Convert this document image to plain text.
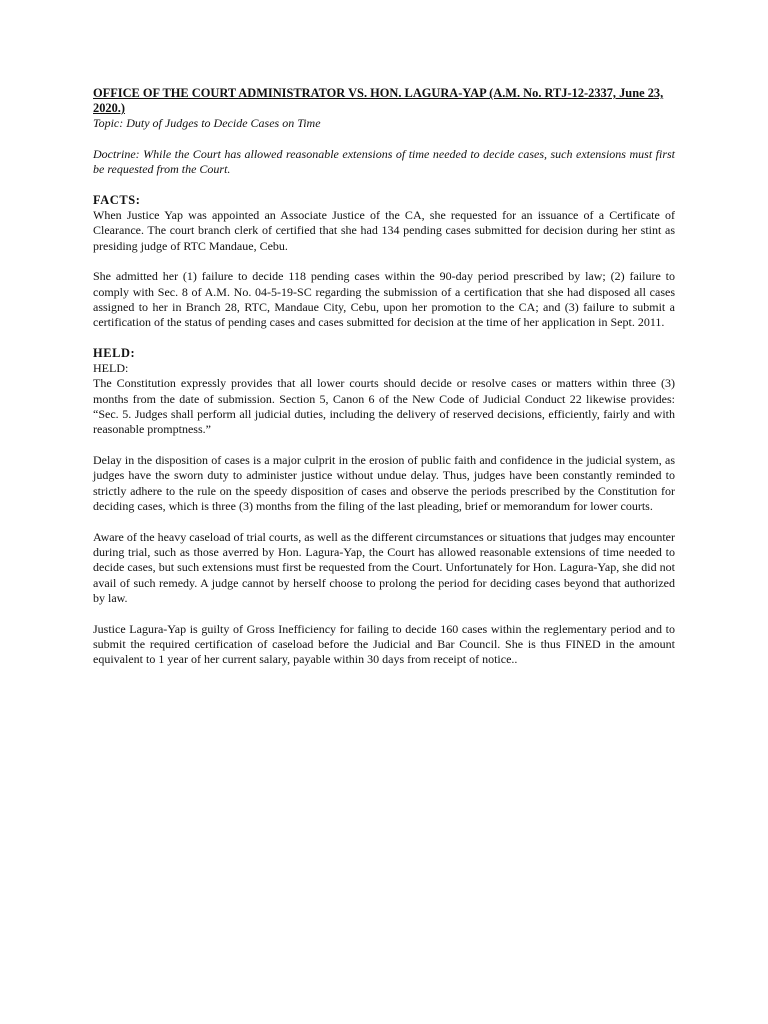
OFFICE OF THE COURT ADMINISTRATOR VS. HON. LAGURA-YAP (A.M. No. RTJ-12-2337, June 23, 2020.)

Topic: Duty of Judges to Decide Cases on Time

Doctrine: While the Court has allowed reasonable extensions of time needed to decide cases, such extensions must first be requested from the Court.

FACTS:

When Justice Yap was appointed an Associate Justice of the CA, she requested for an issuance of a Certificate of Clearance. The court branch clerk of certified that she had 134 pending cases submitted for decision during her stint as presiding judge of RTC Mandaue, Cebu.

She admitted her (1) failure to decide 118 pending cases within the 90-day period prescribed by law; (2) failure to comply with Sec. 8 of A.M. No. 04-5-19-SC regarding the submission of a certification that she had disposed all cases assigned to her in Branch 28, RTC, Mandaue City, Cebu, upon her promotion to the CA; and (3) failure to submit a certification of the status of pending cases and cases submitted for decision at the time of her application in Sept. 2011.

HELD:

HELD:

The Constitution expressly provides that all lower courts should decide or resolve cases or matters within three (3) months from the date of submission. Section 5, Canon 6 of the New Code of Judicial Conduct 22 likewise provides: “Sec. 5. Judges shall perform all judicial duties, including the delivery of reserved decisions, efficiently, fairly and with reasonable promptness.”

Delay in the disposition of cases is a major culprit in the erosion of public faith and confidence in the judicial system, as judges have the sworn duty to administer justice without undue delay. Thus, judges have been constantly reminded to strictly adhere to the rule on the speedy disposition of cases and observe the periods prescribed by the Constitution for deciding cases, which is three (3) months from the filing of the last pleading, brief or memorandum for lower courts.

Aware of the heavy caseload of trial courts, as well as the different circumstances or situations that judges may encounter during trial, such as those averred by Hon. Lagura-Yap, the Court has allowed reasonable extensions of time needed to decide cases, but such extensions must first be requested from the Court. Unfortunately for Hon. Lagura-Yap, she did not avail of such remedy. A judge cannot by herself choose to prolong the period for deciding cases beyond that authorized by law.

Justice Lagura-Yap is guilty of Gross Inefficiency for failing to decide 160 cases within the reglementary period and to submit the required certification of caseload before the Judicial and Bar Council. She is thus FINED in the amount equivalent to 1 year of her current salary, payable within 30 days from receipt of notice..
